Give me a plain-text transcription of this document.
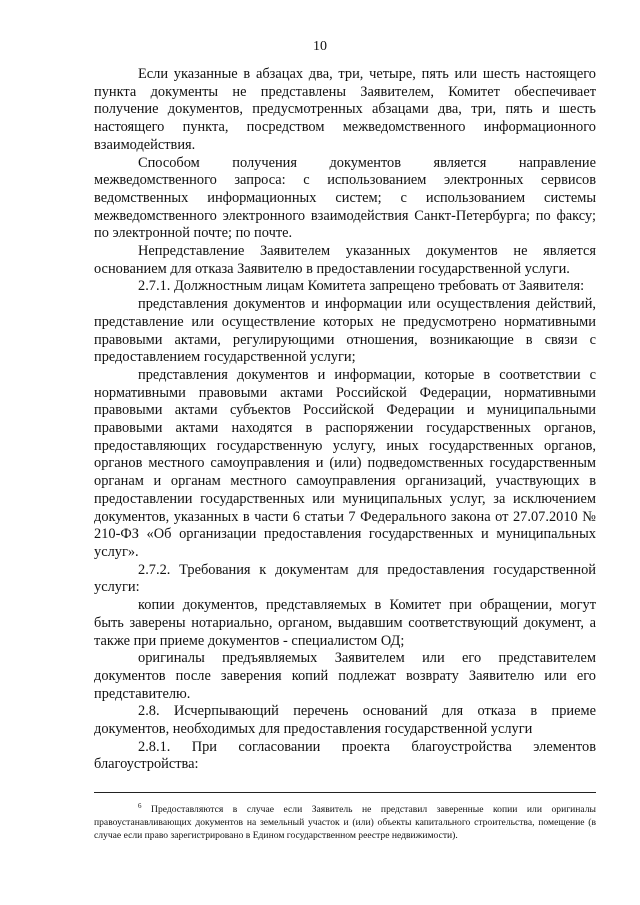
10

Если указанные в абзацах два, три, четыре, пять или шесть настоящего пункта документы не представлены Заявителем, Комитет обеспечивает получение документов, предусмотренных абзацами два, три, пять и шесть настоящего пункта, посредством межведомственного информационного взаимодействия.

Способом получения документов является направление межведомственного запроса: с использованием электронных сервисов ведомственных информационных систем; с использованием системы межведомственного электронного взаимодействия Санкт-Петербурга; по факсу; по электронной почте; по почте.

Непредставление Заявителем указанных документов не является основанием для отказа Заявителю в предоставлении государственной услуги.

2.7.1. Должностным лицам Комитета запрещено требовать от Заявителя:

представления документов и информации или осуществления действий, представление или осуществление которых не предусмотрено нормативными правовыми актами, регулирующими отношения, возникающие в связи с предоставлением государственной услуги;

представления документов и информации, которые в соответствии с нормативными правовыми актами Российской Федерации, нормативными правовыми актами субъектов Российской Федерации и муниципальными правовыми актами находятся в распоряжении государственных органов, предоставляющих государственную услугу, иных государственных органов, органов местного самоуправления и (или) подведомственных государственным органам и органам местного самоуправления организаций, участвующих в предоставлении государственных или муниципальных услуг, за исключением документов, указанных в части 6 статьи 7 Федерального закона от 27.07.2010 № 210-ФЗ «Об организации предоставления государственных и муниципальных услуг».

2.7.2. Требования к документам для предоставления государственной услуги:

копии документов, представляемых в Комитет при обращении, могут быть заверены нотариально, органом, выдавшим соответствующий документ, а также при приеме документов - специалистом ОД;

оригиналы предъявляемых Заявителем или его представителем документов после заверения копий подлежат возврату Заявителю или его представителю.

2.8. Исчерпывающий перечень оснований для отказа в приеме документов, необходимых для предоставления государственной услуги

2.8.1. При согласовании проекта благоустройства элементов благоустройства:

$^6$ Предоставляются в случае если Заявитель не представил заверенные копии или оригиналы правоустанавливающих документов на земельный участок и (или) объекты капитального строительства, помещение (в случае если право зарегистрировано в Едином государственном реестре недвижимости).
